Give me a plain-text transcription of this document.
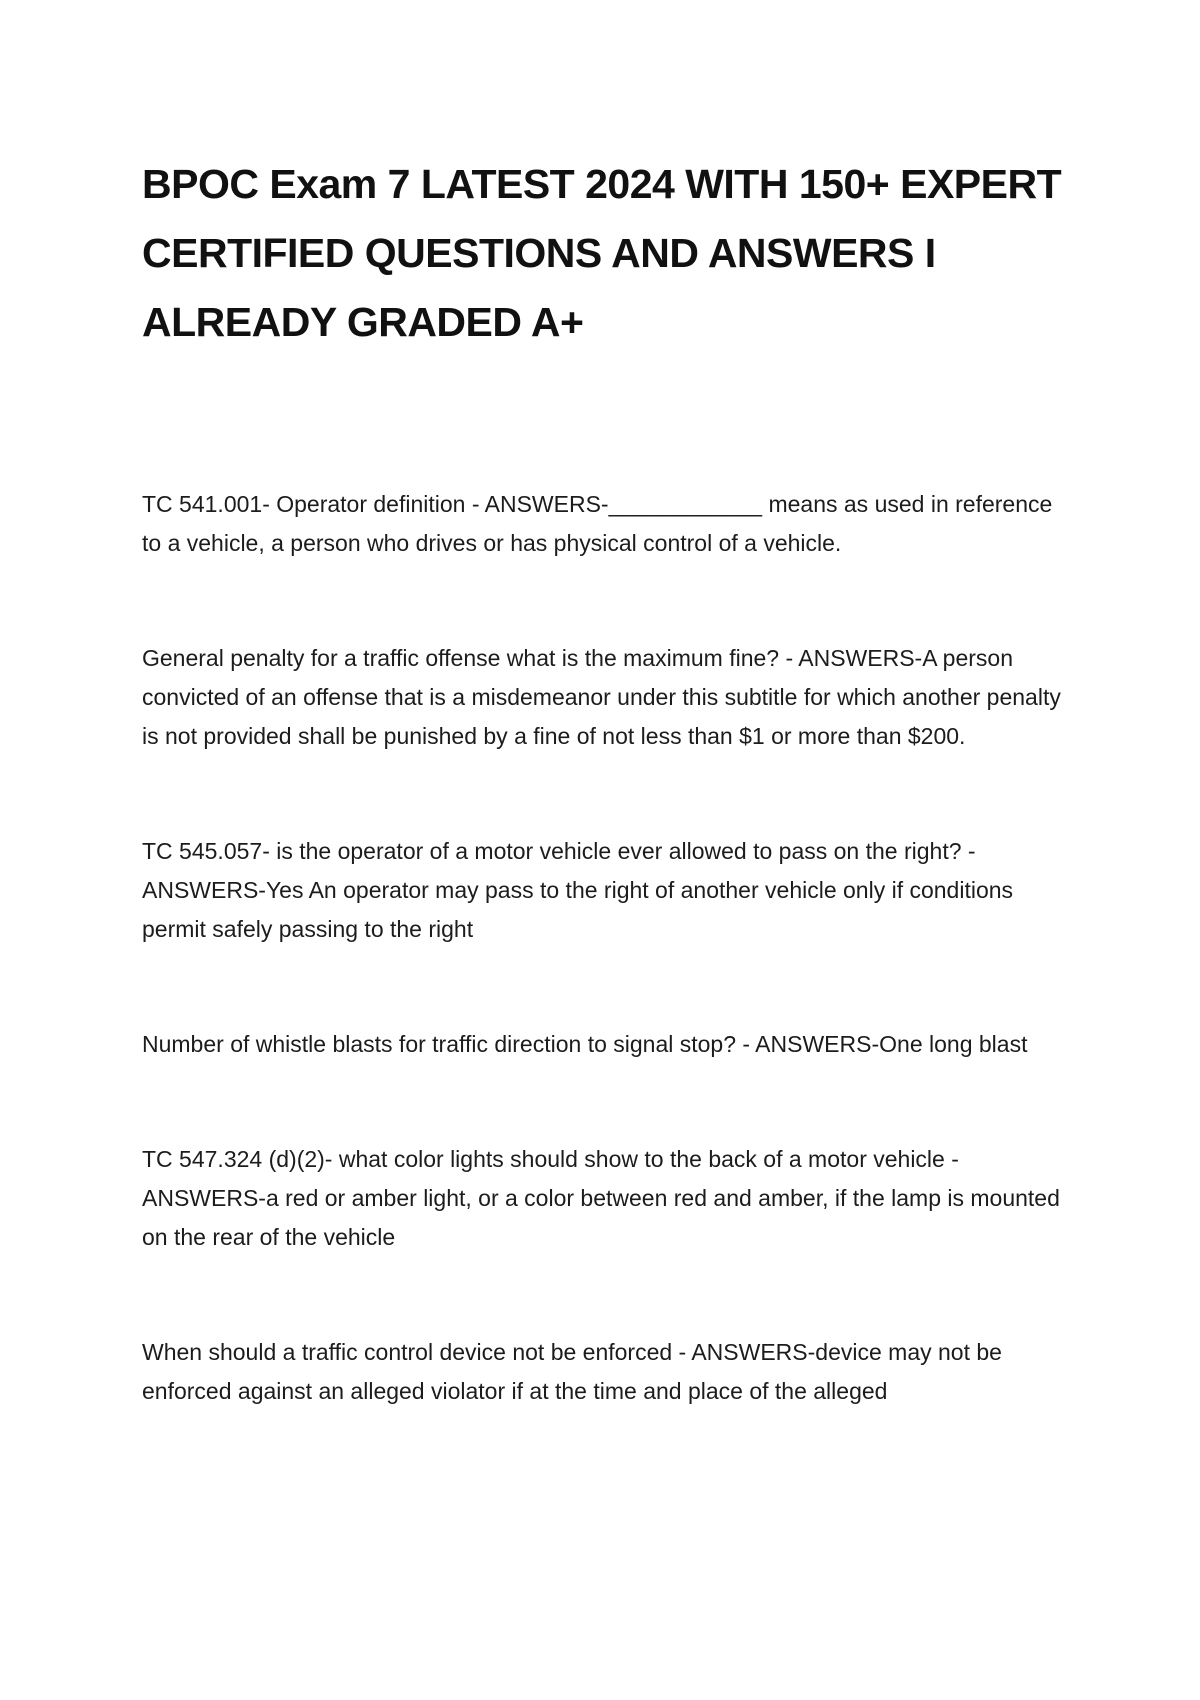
BPOC Exam 7 LATEST 2024 WITH 150+ EXPERT CERTIFIED QUESTIONS AND ANSWERS I ALREADY GRADED A+

TC 541.001- Operator definition - ANSWERS-____________ means as used in reference to a vehicle, a person who drives or has physical control of a vehicle.

General penalty for a traffic offense what is the maximum fine? - ANSWERS-A person convicted of an offense that is a misdemeanor under this subtitle for which another penalty is not provided shall be punished by a fine of not less than $1 or more than $200.

TC 545.057- is the operator of a motor vehicle ever allowed to pass on the right? - ANSWERS-Yes An operator may pass to the right of another vehicle only if conditions permit safely passing to the right

Number of whistle blasts for traffic direction to signal stop? - ANSWERS-One long blast

TC 547.324 (d)(2)- what color lights should show to the back of a motor vehicle - ANSWERS-a red or amber light, or a color between red and amber, if the lamp is mounted on the rear of the vehicle

When should a traffic control device not be enforced - ANSWERS-device may not be enforced against an alleged violator if at the time and place of the alleged
